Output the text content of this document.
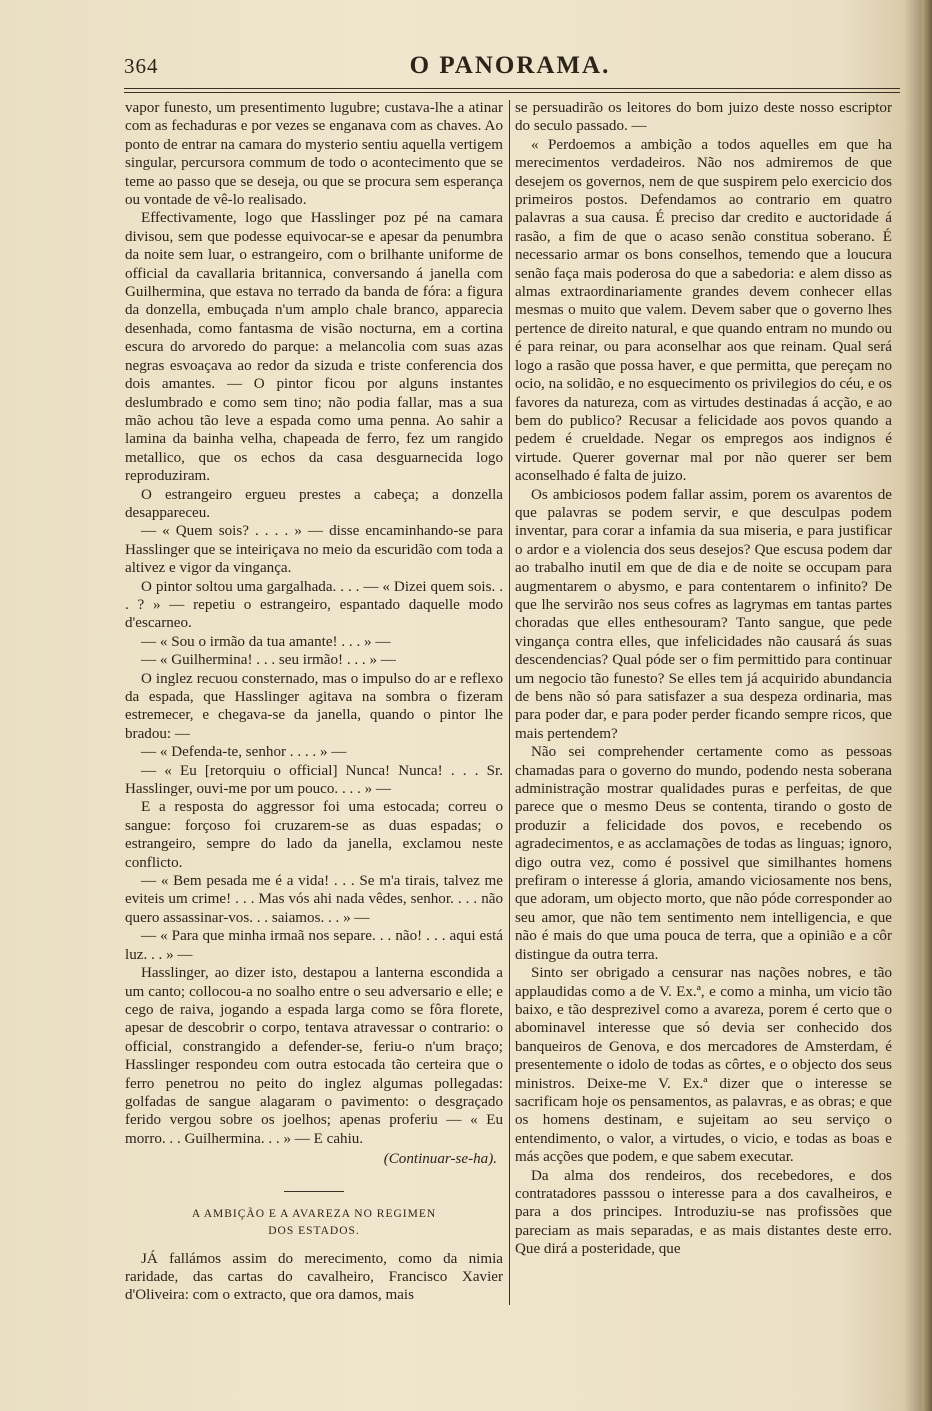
364	O PANORAMA.

vapor funesto, um presentimento lugubre; custava-lhe a atinar com as fechaduras e por vezes se enganava com as chaves. Ao ponto de entrar na camara do mysterio sentiu aquella vertigem singular, percursora commum de todo o acontecimento que se teme ao passo que se deseja, ou que se procura sem esperança ou vontade de vê-lo realisado.

Effectivamente, logo que Hasslinger poz pé na camara divisou, sem que podesse equivocar-se e apesar da penumbra da noite sem luar, o estrangeiro, com o brilhante uniforme de official da cavallaria britannica, conversando á janella com Guilhermina, que estava no terrado da banda de fóra: a figura da donzella, embuçada n'um amplo chale branco, apparecia desenhada, como fantasma de visão nocturna, em a cortina escura do arvoredo do parque: a melancolia com suas azas negras esvoaçava ao redor da sizuda e triste conferencia dos dois amantes. — O pintor ficou por alguns instantes deslumbrado e como sem tino; não podia fallar, mas a sua mão achou tão leve a espada como uma penna. Ao sahir a lamina da bainha velha, chapeada de ferro, fez um rangido metallico, que os echos da casa desguarnecida logo reproduziram.

O estrangeiro ergueu prestes a cabeça; a donzella desappareceu.

— « Quem sois? . . . . » — disse encaminhando-se para Hasslinger que se inteiriçava no meio da escuridão com toda a altivez e vigor da vingança.

O pintor soltou uma gargalhada. . . . — « Dizei quem sois. . . ? » — repetiu o estrangeiro, espantado daquelle modo d'escarneo.

— « Sou o irmão da tua amante! . . . » —

— « Guilhermina! . . . seu irmão! . . . » —

O inglez recuou consternado, mas o impulso do ar e reflexo da espada, que Hasslinger agitava na sombra o fizeram estremecer, e chegava-se da janella, quando o pintor lhe bradou: —

— « Defenda-te, senhor . . . . » —

— « Eu [retorquiu o official] Nunca! Nunca! . . . Sr. Hasslinger, ouvi-me por um pouco. . . . » —

E a resposta do aggressor foi uma estocada; correu o sangue: forçoso foi cruzarem-se as duas espadas; o estrangeiro, sempre do lado da janella, exclamou neste conflicto.

— « Bem pesada me é a vida! . . . Se m'a tirais, talvez me eviteis um crime! . . . Mas vós ahi nada vêdes, senhor. . . . não quero assassinar-vos. . . saiamos. . . » —

— « Para que minha irmaã nos separe. . . não! . . . aqui está luz. . . » —

Hasslinger, ao dizer isto, destapou a lanterna escondida a um canto; collocou-a no soalho entre o seu adversario e elle; e cego de raiva, jogando a espada larga como se fôra florete, apesar de descobrir o corpo, tentava atravessar o contrario: o official, constrangido a defender-se, feriu-o n'um braço; Hasslinger respondeu com outra estocada tão certeira que o ferro penetrou no peito do inglez algumas pollegadas: golfadas de sangue alagaram o pavimento: o desgraçado ferido vergou sobre os joelhos; apenas proferiu — « Eu morro. . . Guilhermina. . . » — E cahiu.

(Continuar-se-ha).
A AMBIÇÃO E A AVAREZA NO REGIMEN
DOS ESTADOS.

JÁ fallámos assim do merecimento, como da nimia raridade, das cartas do cavalheiro, Francisco Xavier d'Oliveira: com o extracto, que ora damos, mais

se persuadirão os leitores do bom juizo deste nosso escriptor do seculo passado. —

« Perdoemos a ambição a todos aquelles em que ha merecimentos verdadeiros. Não nos admiremos de que desejem os governos, nem de que suspirem pelo exercicio dos primeiros postos. Defendamos ao contrario em quatro palavras a sua causa. É preciso dar credito e auctoridade á rasão, a fim de que o acaso senão constitua soberano. É necessario armar os bons conselhos, temendo que a loucura senão faça mais poderosa do que a sabedoria: e alem disso as almas extraordinariamente grandes devem conhecer ellas mesmas o muito que valem. Devem saber que o governo lhes pertence de direito natural, e que quando entram no mundo ou é para reinar, ou para aconselhar aos que reinam. Qual será logo a rasão que possa haver, e que permitta, que pereçam no ocio, na solidão, e no esquecimento os privilegios do céu, e os favores da natureza, com as virtudes destinadas á acção, e ao bem do publico? Recusar a felicidade aos povos quando a pedem é crueldade. Negar os empregos aos indignos é virtude. Querer governar mal por não querer ser bem aconselhado é falta de juizo.

Os ambiciosos podem fallar assim, porem os avarentos de que palavras se podem servir, e que desculpas podem inventar, para corar a infamia da sua miseria, e para justificar o ardor e a violencia dos seus desejos? Que escusa podem dar ao trabalho inutil em que de dia e de noite se occupam para augmentarem o abysmo, e para contentarem o infinito? De que lhe servirão nos seus cofres as lagrymas em tantas partes choradas que elles enthesouram? Tanto sangue, que pede vingança contra elles, que infelicidades não causará ás suas descendencias? Qual póde ser o fim permittido para continuar um negocio tão funesto? Se elles tem já acquirido abundancia de bens não só para satisfazer a sua despeza ordinaria, mas para poder dar, e para poder perder ficando sempre ricos, que mais pertendem?

Não sei comprehender certamente como as pessoas chamadas para o governo do mundo, podendo nesta soberana administração mostrar qualidades puras e perfeitas, de que parece que o mesmo Deus se contenta, tirando o gosto de produzir a felicidade dos povos, e recebendo os agradecimentos, e as acclamações de todas as linguas; ignoro, digo outra vez, como é possivel que similhantes homens prefiram o interesse á gloria, amando viciosamente nos bens, que adoram, um objecto morto, que não póde corresponder ao seu amor, que não tem sentimento nem intelligencia, e que não é mais do que uma pouca de terra, que a opinião e a côr distingue da outra terra.

Sinto ser obrigado a censurar nas nações nobres, e tão applaudidas como a de V. Ex.ª, e como a minha, um vicio tão baixo, e tão desprezivel como a avareza, porem é certo que o abominavel interesse que só devia ser conhecido dos banqueiros de Genova, e dos mercadores de Amsterdam, é presentemente o idolo de todas as côrtes, e o objecto dos seus ministros. Deixe-me V. Ex.ª dizer que o interesse se sacrificam hoje os pensamentos, as palavras, e as obras; e que os homens destinam, e sujeitam ao seu serviço o entendimento, o valor, a virtudes, o vicio, e todas as boas e más acções que podem, e que sabem executar.

Da alma dos rendeiros, dos recebedores, e dos contratadores passsou o interesse para a dos cavalheiros, e para a dos principes. Introduziu-se nas profissões que pareciam as mais separadas, e as mais distantes deste erro. Que dirá a posteridade, que
